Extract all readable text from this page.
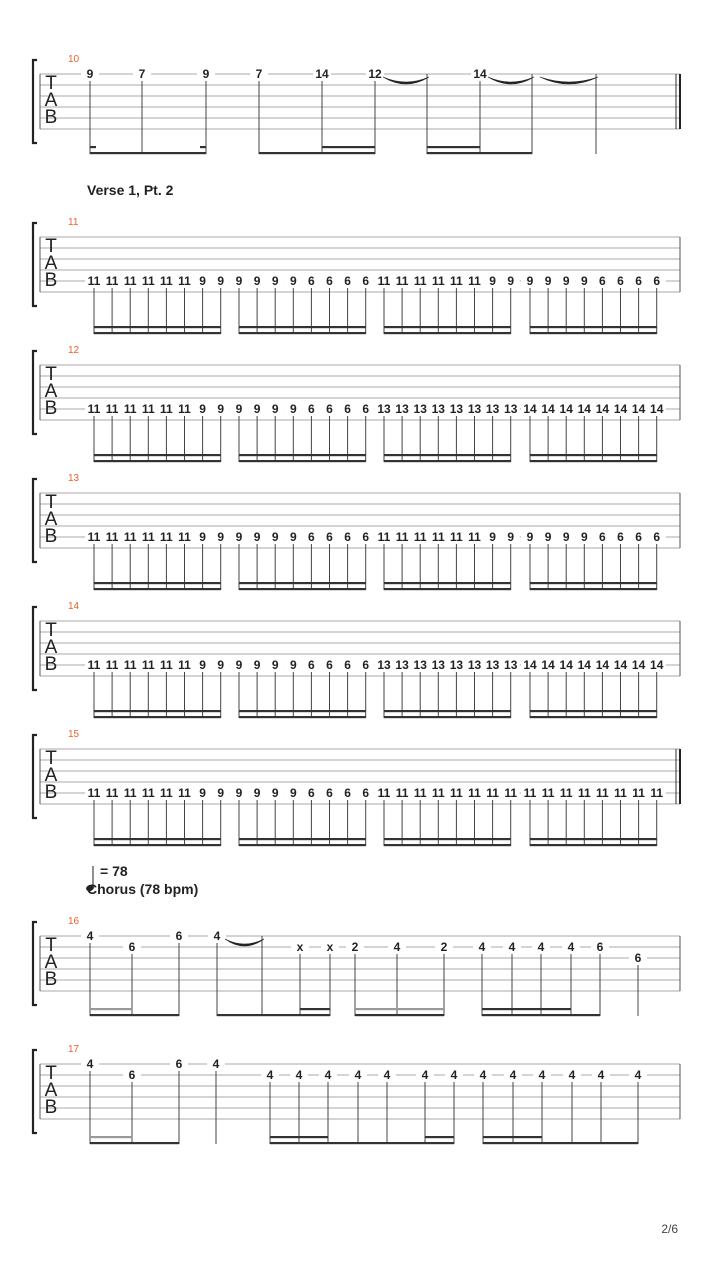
T
A
B
10
9	7	9	7	14	12	14
T
A
B
11
Verse 1, Pt. 2
11 11 11 11 11 11 9 9 9 9 9 9 6 6 6 6 11 11 11 11 11 11 9 9 9 9 9 9 6 6 6 6
T
A
B
12
11 11 11 11 11 11 9 9 9 9 9 9 6 6 6 6 13 13 13 13 13 13 13 13 14 14 14 14 14 14 14 14
T
A
B
13
11 11 11 11 11 11 9 9 9 9 9 9 6 6 6 6 11 11 11 11 11 11 9 9 9 9 9 9 6 6 6 6
T
A
B
14
11 11 11 11 11 11 9 9 9 9 9 9 6 6 6 6 13 13 13 13 13 13 13 13 14 14 14 14 14 14 14 14
T
A
B
15
11 11 11 11 11 11 9 9 9 9 9 9 6 6 6 6 11 11 11 11 11 11 11 11 11 11 11 11 11 11 11 11
T
A
B
16
= 78
Chorus (78 bpm)
4
6
6	4
x x 2	4	2	4 4 4 4 6
6
T
A
B
17
4
6
6	4
4 4 4 4 4	4 4 4 4 4 4 4	4
2/6
